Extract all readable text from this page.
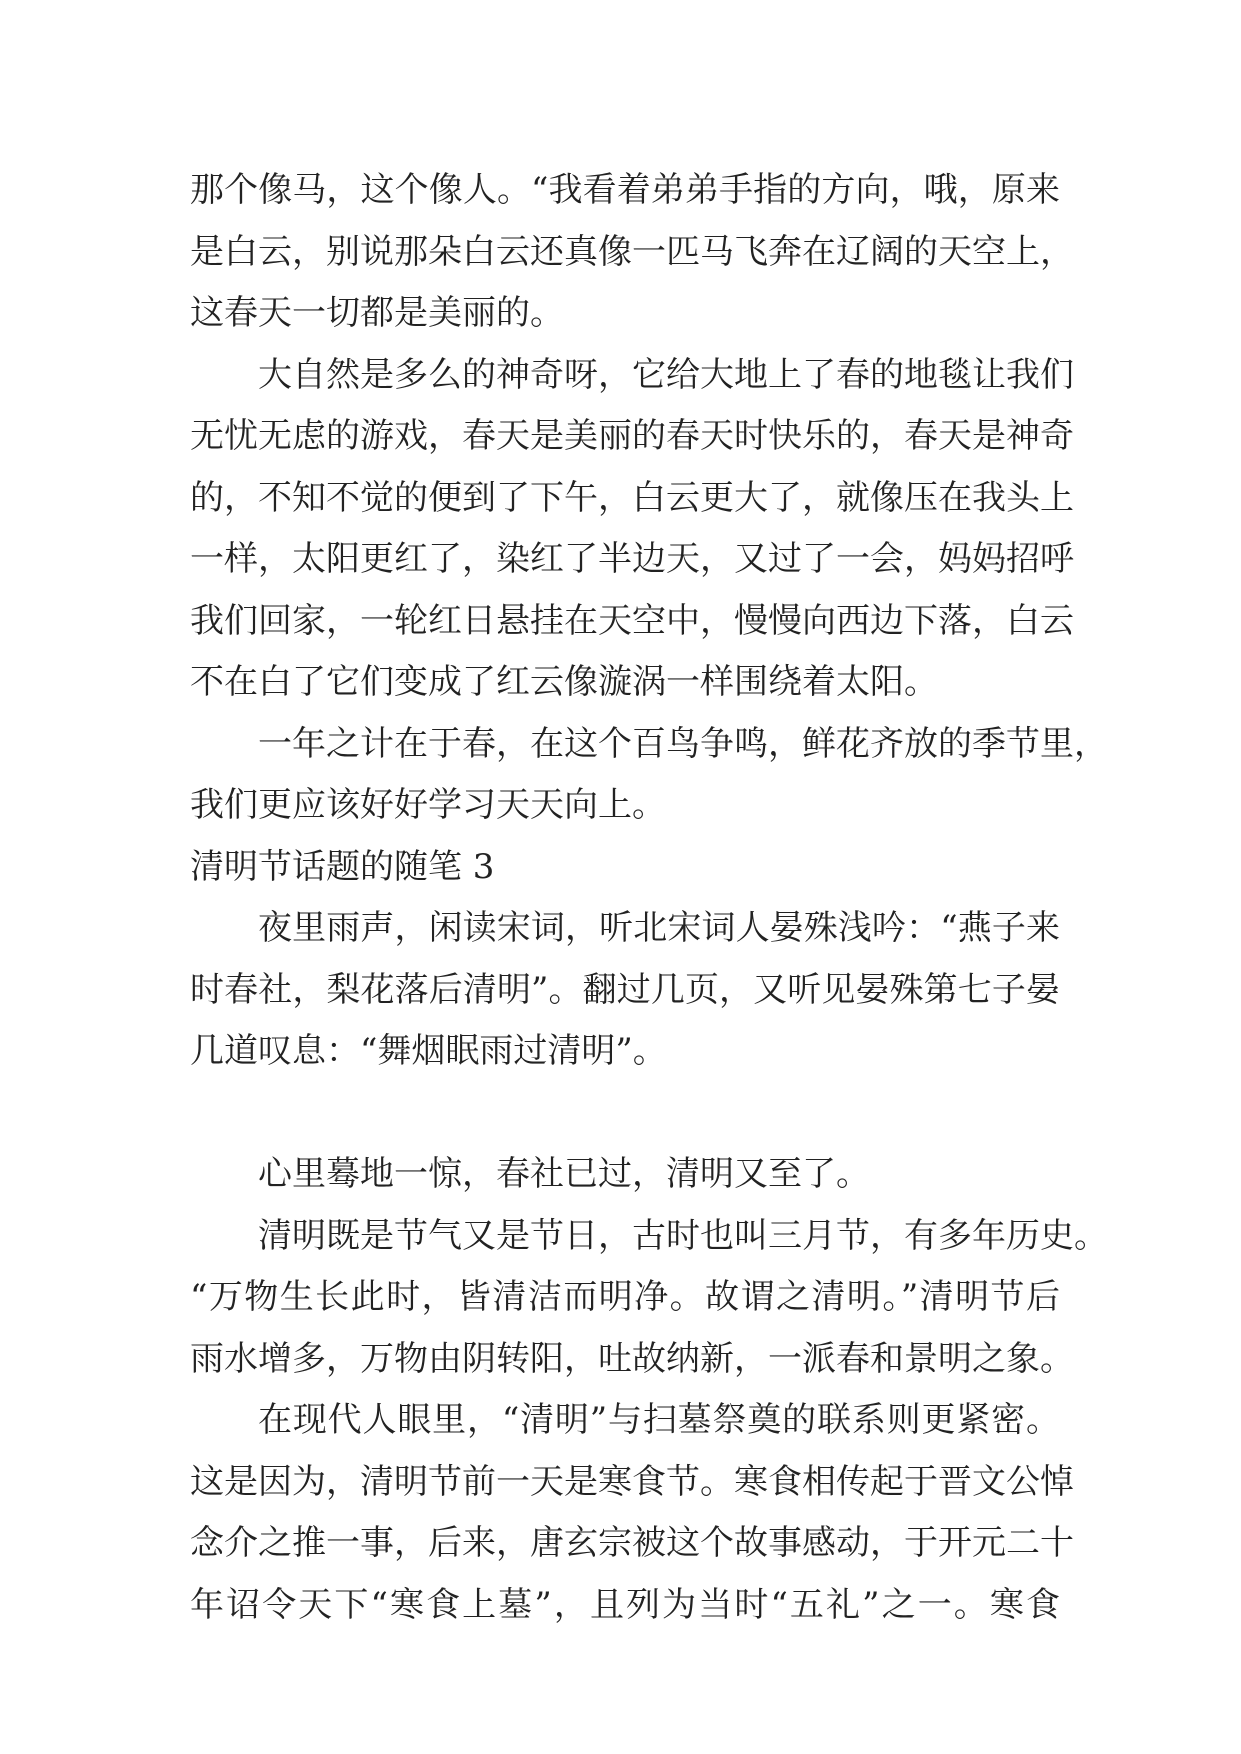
那个像马，这个像人。“我看着弟弟手指的方向，哦，原来
是白云，别说那朵白云还真像一匹马飞奔在辽阔的天空上，
这春天一切都是美丽的。
大自然是多么的神奇呀，它给大地上了春的地毯让我们
无忧无虑的游戏，春天是美丽的春天时快乐的，春天是神奇
的，不知不觉的便到了下午，白云更大了，就像压在我头上
一样，太阳更红了，染红了半边天，又过了一会，妈妈招呼
我们回家，一轮红日悬挂在天空中，慢慢向西边下落，白云
不在白了它们变成了红云像漩涡一样围绕着太阳。
一年之计在于春，在这个百鸟争鸣，鲜花齐放的季节里，
我们更应该好好学习天天向上。
清明节话题的随笔 3
夜里雨声，闲读宋词，听北宋词人晏殊浅吟：“燕子来
时春社，梨花落后清明”。翻过几页，又听见晏殊第七子晏
几道叹息：“舞烟眠雨过清明”。
心里蓦地一惊，春社已过，清明又至了。
清明既是节气又是节日，古时也叫三月节，有多年历史。
“万物生长此时，皆清洁而明净。故谓之清明。”清明节后
雨水增多，万物由阴转阳，吐故纳新，一派春和景明之象。
在现代人眼里，“清明”与扫墓祭奠的联系则更紧密。
这是因为，清明节前一天是寒食节。寒食相传起于晋文公悼
念介之推一事，后来，唐玄宗被这个故事感动，于开元二十
年诏令天下“寒食上墓”，且列为当时“五礼”之一。寒食
